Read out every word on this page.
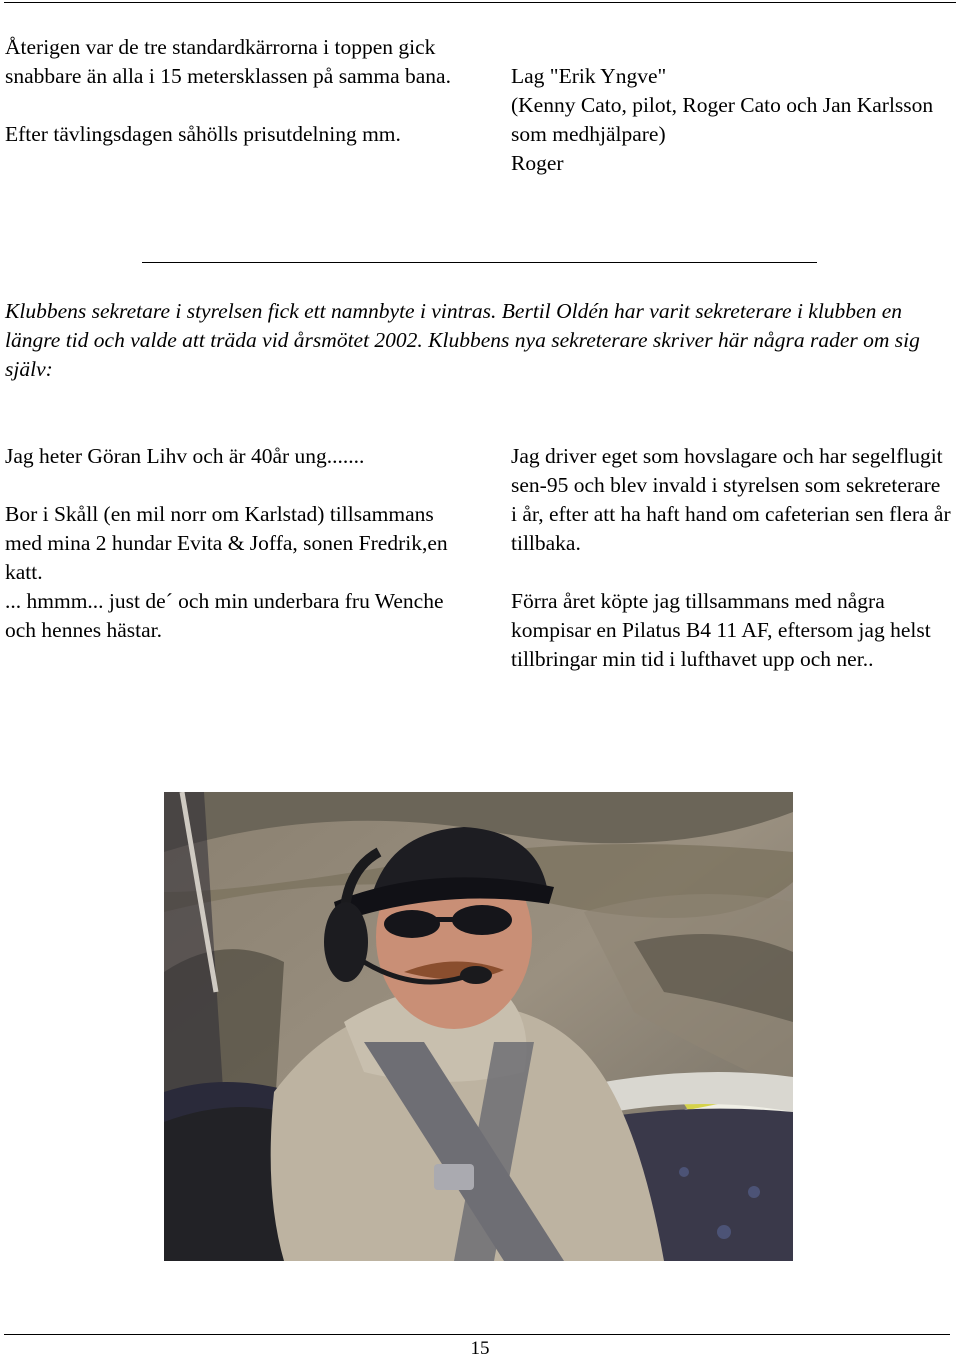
Återigen var de tre standardkärrorna i toppen gick snabbare än alla i 15 metersklassen på samma bana.

Efter tävlingsdagen såhölls prisutdelning mm.

Lag "Erik Yngve"

(Kenny Cato, pilot, Roger Cato och Jan Karlsson som medhjälpare)

Roger

Klubbens sekretare i styrelsen fick ett namnbyte i vintras. Bertil Oldén har varit sekreterare i klubben en längre tid och valde att träda vid årsmötet 2002. Klubbens nya sekreterare skriver här några rader om sig själv:

Jag heter Göran Lihv och är 40år ung.......

Bor i Skåll (en mil norr om Karlstad) tillsammans med mina 2 hundar Evita & Joffa, sonen Fredrik,en katt.

... hmmm... just de´ och min underbara fru Wenche och hennes hästar.

Jag driver eget som hovslagare och har segelflugit sen-95 och blev invald i styrelsen som sekreterare i år, efter att ha haft hand om cafeterian sen flera år tillbaka.

Förra året köpte jag tillsammans med några kompisar en Pilatus B4 11 AF, eftersom jag helst tillbringar min tid i lufthavet upp och ner..

15
